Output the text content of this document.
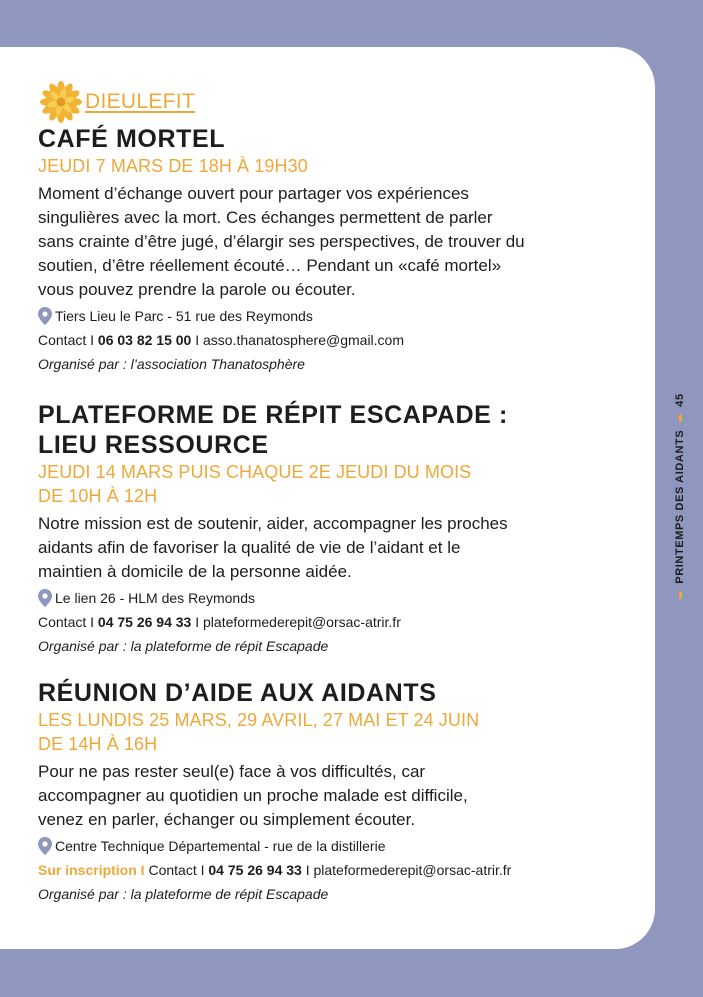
PRINTEMPS DES AIDANTS
45
DIEULEFIT
CAFÉ MORTEL
JEUDI 7 MARS DE 18H À 19H30
Moment d’échange ouvert pour partager vos expériences
singulières avec la mort. Ces échanges permettent de parler
sans crainte d’être jugé, d’élargir ses perspectives, de trouver du
soutien, d’être réellement écouté… Pendant un «café mortel»
vous pouvez prendre la parole ou écouter.
Tiers Lieu le Parc - 51 rue des Reymonds
Contact I 06 03 82 15 00 I asso.thanatosphere@gmail.com
Organisé par : l’association Thanatosphère
PLATEFORME DE RÉPIT ESCAPADE :
LIEU RESSOURCE
JEUDI 14 MARS PUIS CHAQUE 2E JEUDI DU MOIS
DE 10H À 12H
Notre mission est de soutenir, aider, accompagner les proches
aidants afin de favoriser la qualité de vie de l’aidant et le
maintien à domicile de la personne aidée.
Le lien 26 - HLM des Reymonds
Contact I 04 75 26 94 33 I plateformederepit@orsac-atrir.fr
Organisé par : la plateforme de répit Escapade
RÉUNION D’AIDE AUX AIDANTS
LES LUNDIS 25 MARS, 29 AVRIL, 27 MAI ET 24 JUIN
DE 14H À 16H
Pour ne pas rester seul(e) face à vos difficultés, car
accompagner au quotidien un proche malade est difficile,
venez en parler, échanger ou simplement écouter.
Centre Technique Départemental - rue de la distillerie
Sur inscription I Contact I 04 75 26 94 33 I plateformederepit@orsac-atrir.fr
Organisé par : la plateforme de répit Escapade
